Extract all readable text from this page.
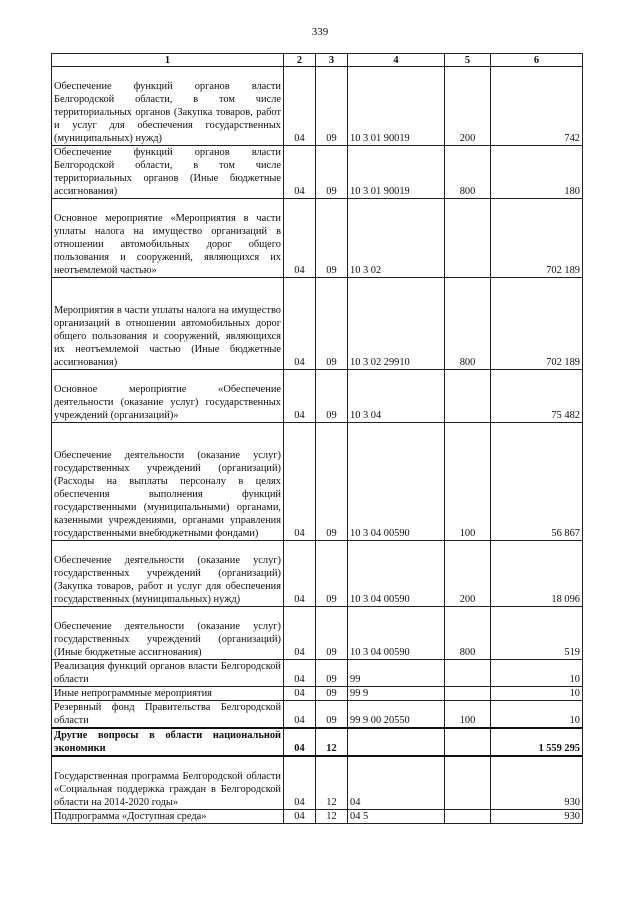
339
1	2	3	4	5	6
Обеспечение функций органов власти Белгородской области, в том числе территориальных органов (Закупка товаров, работ и услуг для обеспечения государственных (муниципальных) нужд)	04	09	10 3 01 90019	200	742
Обеспечение функций органов власти Белгородской области, в том числе территориальных органов (Иные бюджетные ассигнования)	04	09	10 3 01 90019	800	180
Основное мероприятие «Мероприятия в части уплаты налога на имущество организаций в отношении автомобильных дорог общего пользования и сооружений, являющихся их неотъемлемой частью»	04	09	10 3 02		702 189
Мероприятия в части уплаты налога на имущество организаций в отношении автомобильных дорог общего пользования и сооружений, являющихся их неотъемлемой частью (Иные бюджетные ассигнования)	04	09	10 3 02 29910	800	702 189
Основное мероприятие «Обеспечение деятельности (оказание услуг) государственных учреждений (организаций)»	04	09	10 3 04		75 482
Обеспечение деятельности (оказание услуг) государственных учреждений (организаций) (Расходы на выплаты персоналу в целях обеспечения выполнения функций государственными (муниципальными) органами, казенными учреждениями, органами управления государственными внебюджетными фондами)	04	09	10 3 04 00590	100	56 867
Обеспечение деятельности (оказание услуг) государственных учреждений (организаций) (Закупка товаров, работ и услуг для обеспечения государственных (муниципальных) нужд)	04	09	10 3 04 00590	200	18 096
Обеспечение деятельности (оказание услуг) государственных учреждений (организаций) (Иные бюджетные ассигнования)	04	09	10 3 04 00590	800	519
Реализация функций органов власти Белгородской области	04	09	99		10
Иные непрограммные мероприятия	04	09	99 9		10
Резервный фонд Правительства Белгородской области	04	09	99 9 00 20550	100	10
Другие вопросы в области национальной экономики	04	12			1 559 295
Государственная программа Белгородской области «Социальная поддержка граждан в Белгородской области на 2014-2020 годы»	04	12	04		930
Подпрограмма «Доступная среда»	04	12	04 5		930
